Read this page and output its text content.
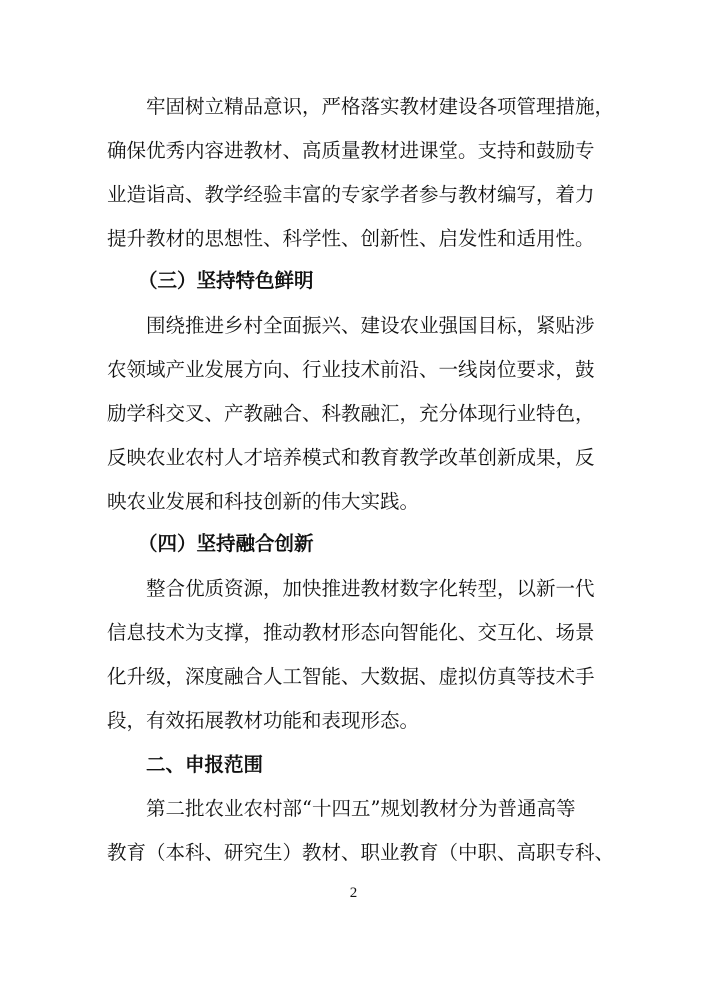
牢固树立精品意识，严格落实教材建设各项管理措施，
确保优秀内容进教材、高质量教材进课堂。支持和鼓励专
业造诣高、教学经验丰富的专家学者参与教材编写，着力
提升教材的思想性、科学性、创新性、启发性和适用性。
（三）坚持特色鲜明
围绕推进乡村全面振兴、建设农业强国目标，紧贴涉
农领域产业发展方向、行业技术前沿、一线岗位要求，鼓
励学科交叉、产教融合、科教融汇，充分体现行业特色，
反映农业农村人才培养模式和教育教学改革创新成果，反
映农业发展和科技创新的伟大实践。
（四）坚持融合创新
整合优质资源，加快推进教材数字化转型，以新一代
信息技术为支撑，推动教材形态向智能化、交互化、场景
化升级，深度融合人工智能、大数据、虚拟仿真等技术手
段，有效拓展教材功能和表现形态。
二、申报范围
第二批农业农村部“十四五”规划教材分为普通高等
教育（本科、研究生）教材、职业教育（中职、高职专科、
2
